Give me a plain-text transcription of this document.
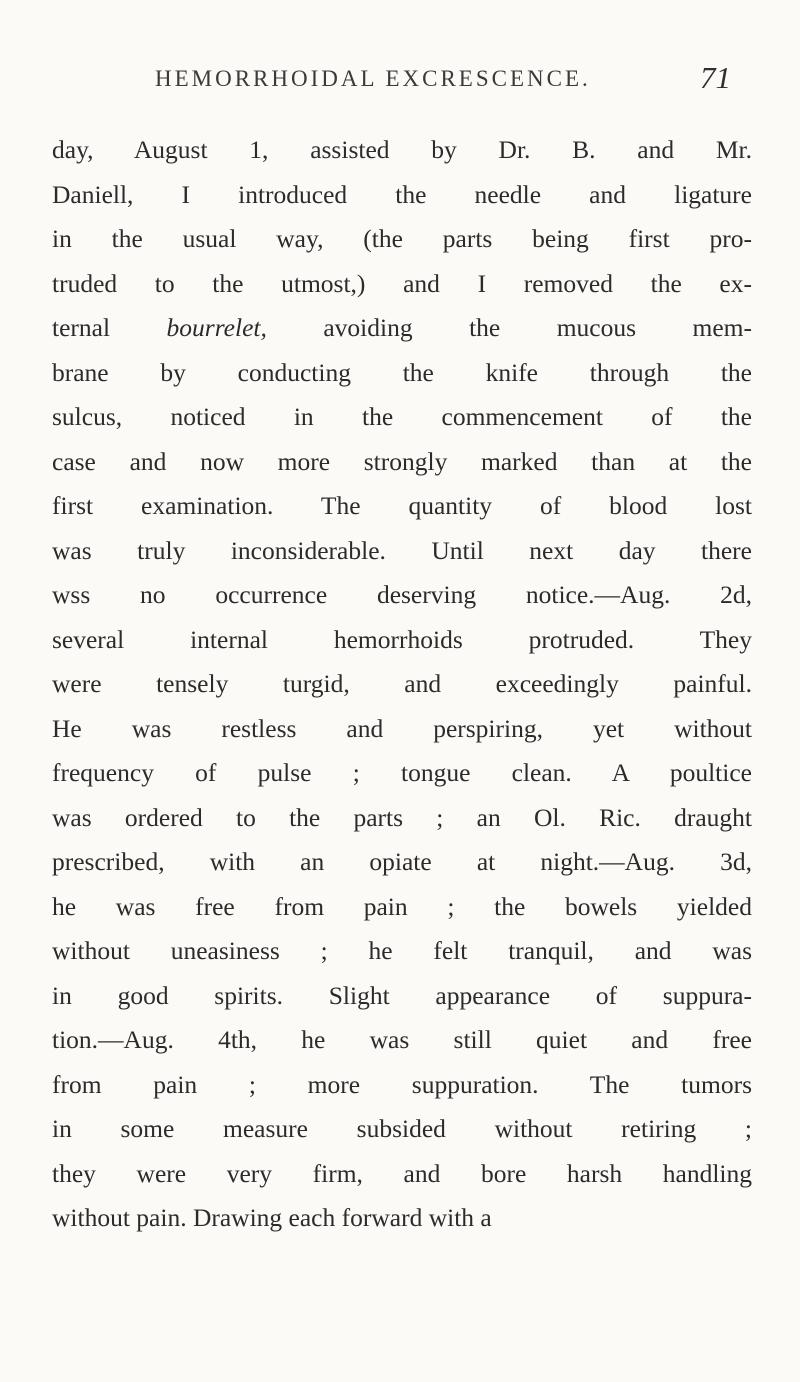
HEMORRHOIDAL EXCRESCENCE.	71
day, August 1, assisted by Dr. B. and Mr.
Daniell, I introduced the needle and ligature
in the usual way, (the parts being first pro-
truded to the utmost,) and I removed the ex-
ternal bourrelet, avoiding the mucous mem-
brane by conducting the knife through the
sulcus, noticed in the commencement of the
case and now more strongly marked than at the
first examination. The quantity of blood lost
was truly inconsiderable. Until next day there
wss no occurrence deserving notice.—Aug. 2d,
several internal hemorrhoids protruded. They
were tensely turgid, and exceedingly painful.
He was restless and perspiring, yet without
frequency of pulse ; tongue clean. A poultice
was ordered to the parts ; an Ol. Ric. draught
prescribed, with an opiate at night.—Aug. 3d,
he was free from pain ; the bowels yielded
without uneasiness ; he felt tranquil, and was
in good spirits. Slight appearance of suppura-
tion.—Aug. 4th, he was still quiet and free
from pain ; more suppuration. The tumors
in some measure subsided without retiring ;
they were very firm, and bore harsh handling
without pain. Drawing each forward with a
